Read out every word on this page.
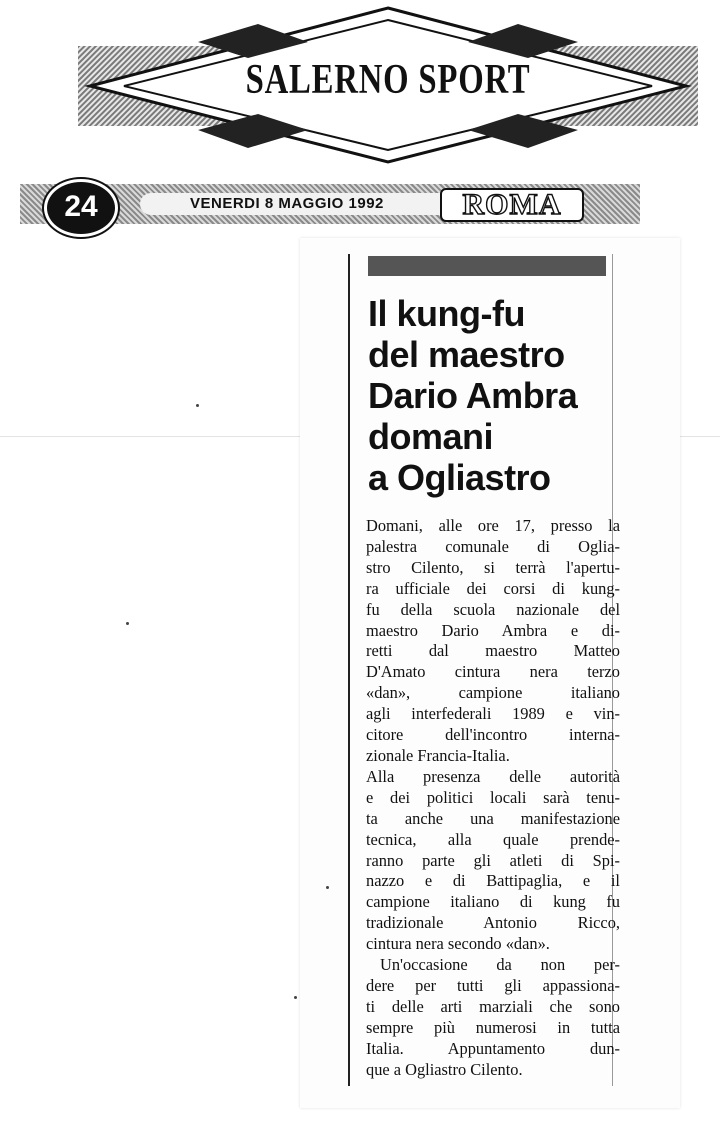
SALERNO SPORT
24	VENERDI 8 MAGGIO 1992	ROMA
Il kung-fu
del maestro
Dario Ambra
domani
a Ogliastro
Domani, alle ore 17, presso la
palestra comunale di Oglia-
stro Cilento, si terrà l'apertu-
ra ufficiale dei corsi di kung-
fu della scuola nazionale del
maestro Dario Ambra e di-
retti dal maestro Matteo
D'Amato cintura nera terzo
«dan», campione italiano
agli interfederali 1989 e vin-
citore dell'incontro interna-
zionale Francia-Italia.
Alla presenza delle autorità
e dei politici locali sarà tenu-
ta anche una manifestazione
tecnica, alla quale prende-
ranno parte gli atleti di Spi-
nazzo e di Battipaglia, e il
campione italiano di kung fu
tradizionale Antonio Ricco,
cintura nera secondo «dan».
Un'occasione da non per-
dere per tutti gli appassiona-
ti delle arti marziali che sono
sempre più numerosi in tutta
Italia. Appuntamento dun-
que a Ogliastro Cilento.
